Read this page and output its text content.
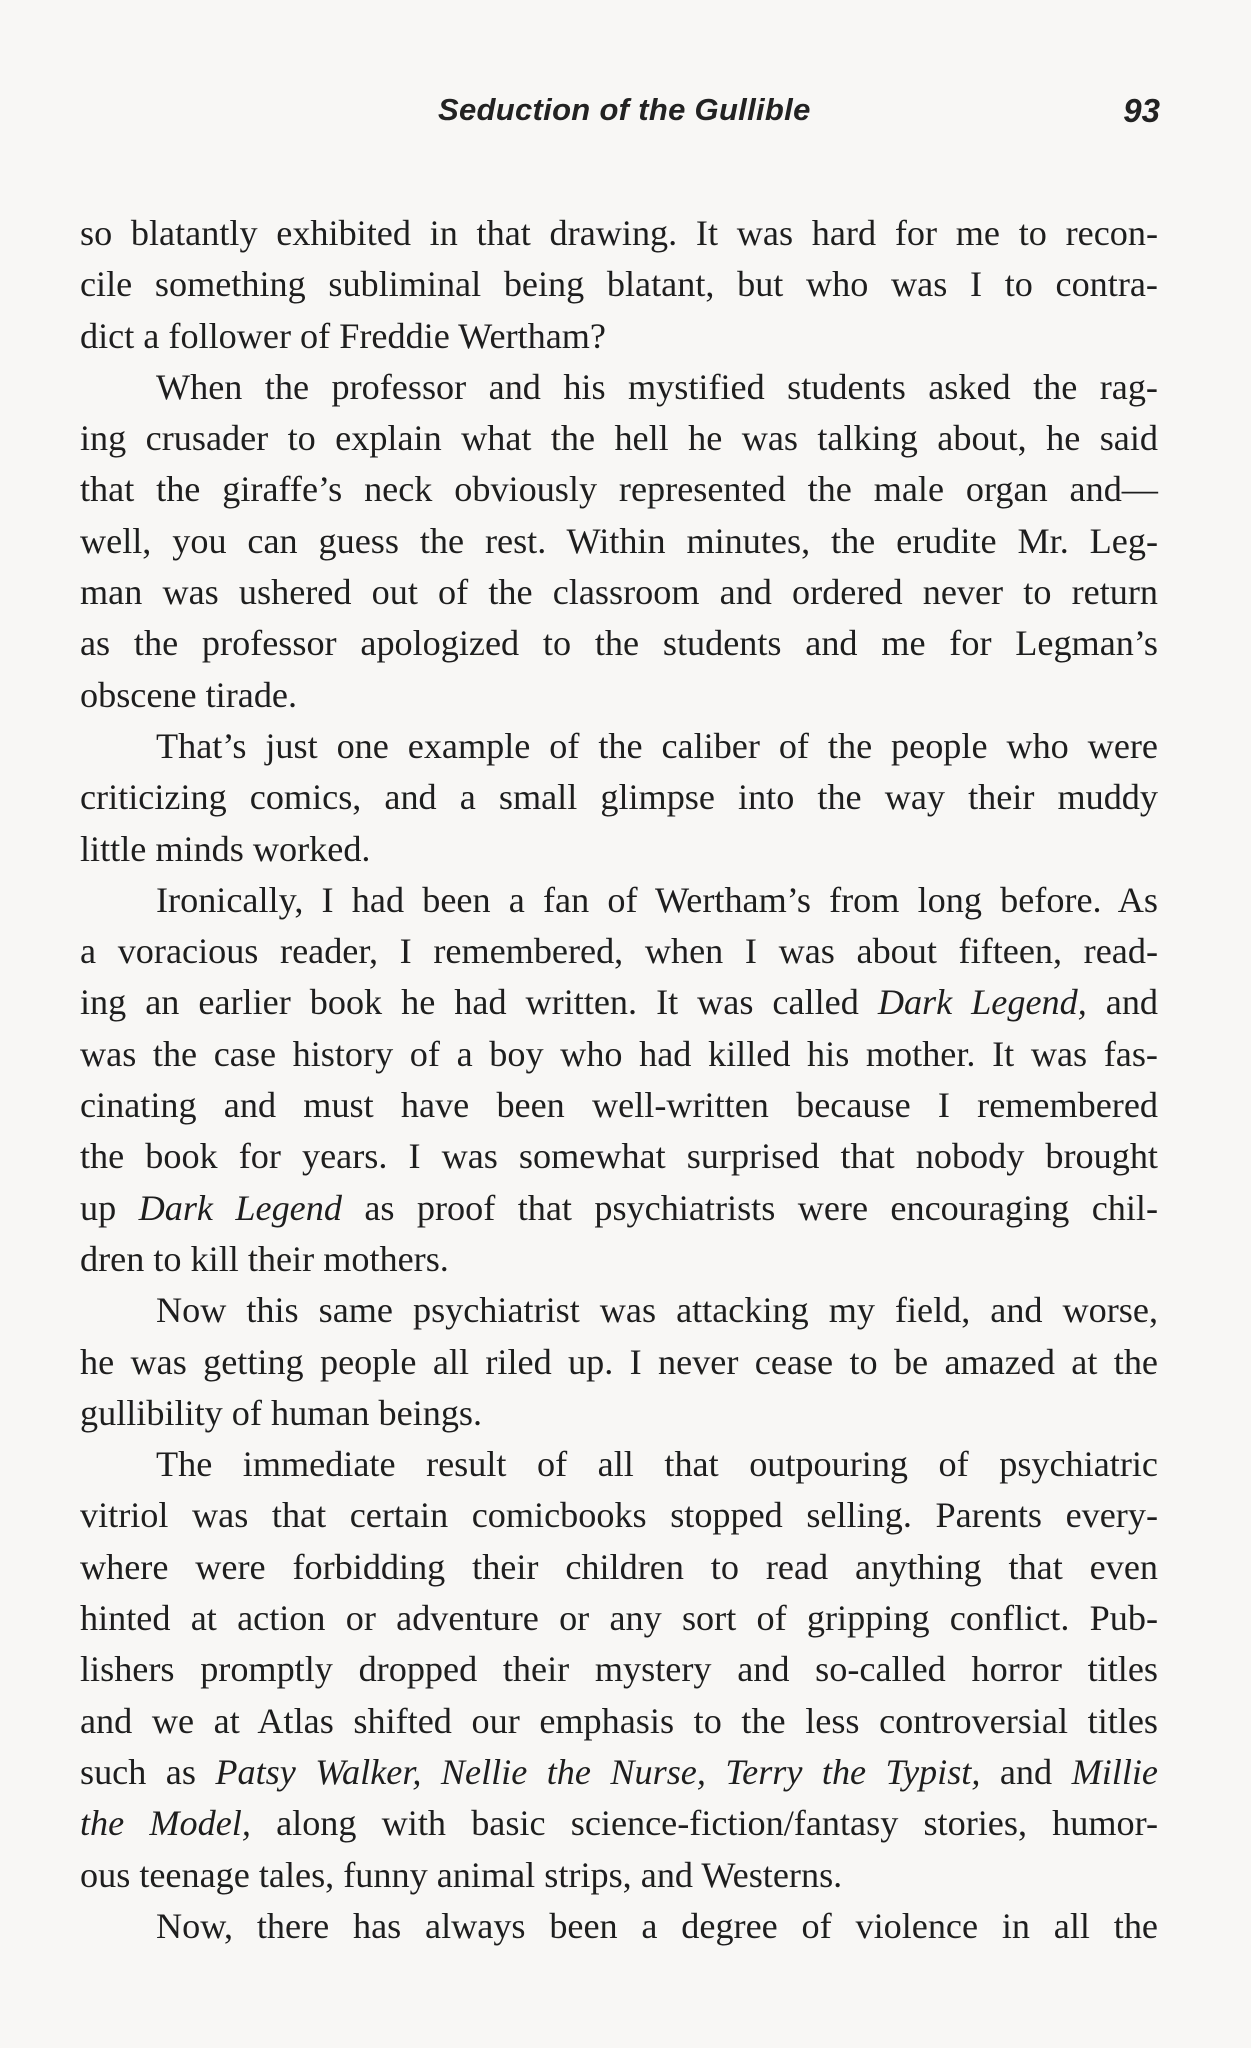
Seduction of the Gullible	93

so blatantly exhibited in that drawing. It was hard for me to recon-
cile something subliminal being blatant, but who was I to contra-
dict a follower of Freddie Wertham?

When the professor and his mystified students asked the rag-
ing crusader to explain what the hell he was talking about, he said
that the giraffe’s neck obviously represented the male organ and—
well, you can guess the rest. Within minutes, the erudite Mr. Leg-
man was ushered out of the classroom and ordered never to return
as the professor apologized to the students and me for Legman’s
obscene tirade.

That’s just one example of the caliber of the people who were
criticizing comics, and a small glimpse into the way their muddy
little minds worked.

Ironically, I had been a fan of Wertham’s from long before. As
a voracious reader, I remembered, when I was about fifteen, read-
ing an earlier book he had written. It was called Dark Legend, and
was the case history of a boy who had killed his mother. It was fas-
cinating and must have been well-written because I remembered
the book for years. I was somewhat surprised that nobody brought
up Dark Legend as proof that psychiatrists were encouraging chil-
dren to kill their mothers.

Now this same psychiatrist was attacking my field, and worse,
he was getting people all riled up. I never cease to be amazed at the
gullibility of human beings.

The immediate result of all that outpouring of psychiatric
vitriol was that certain comicbooks stopped selling. Parents every-
where were forbidding their children to read anything that even
hinted at action or adventure or any sort of gripping conflict. Pub-
lishers promptly dropped their mystery and so-called horror titles
and we at Atlas shifted our emphasis to the less controversial titles
such as Patsy Walker, Nellie the Nurse, Terry the Typist, and Millie
the Model, along with basic science-fiction/fantasy stories, humor-
ous teenage tales, funny animal strips, and Westerns.

Now, there has always been a degree of violence in all the
